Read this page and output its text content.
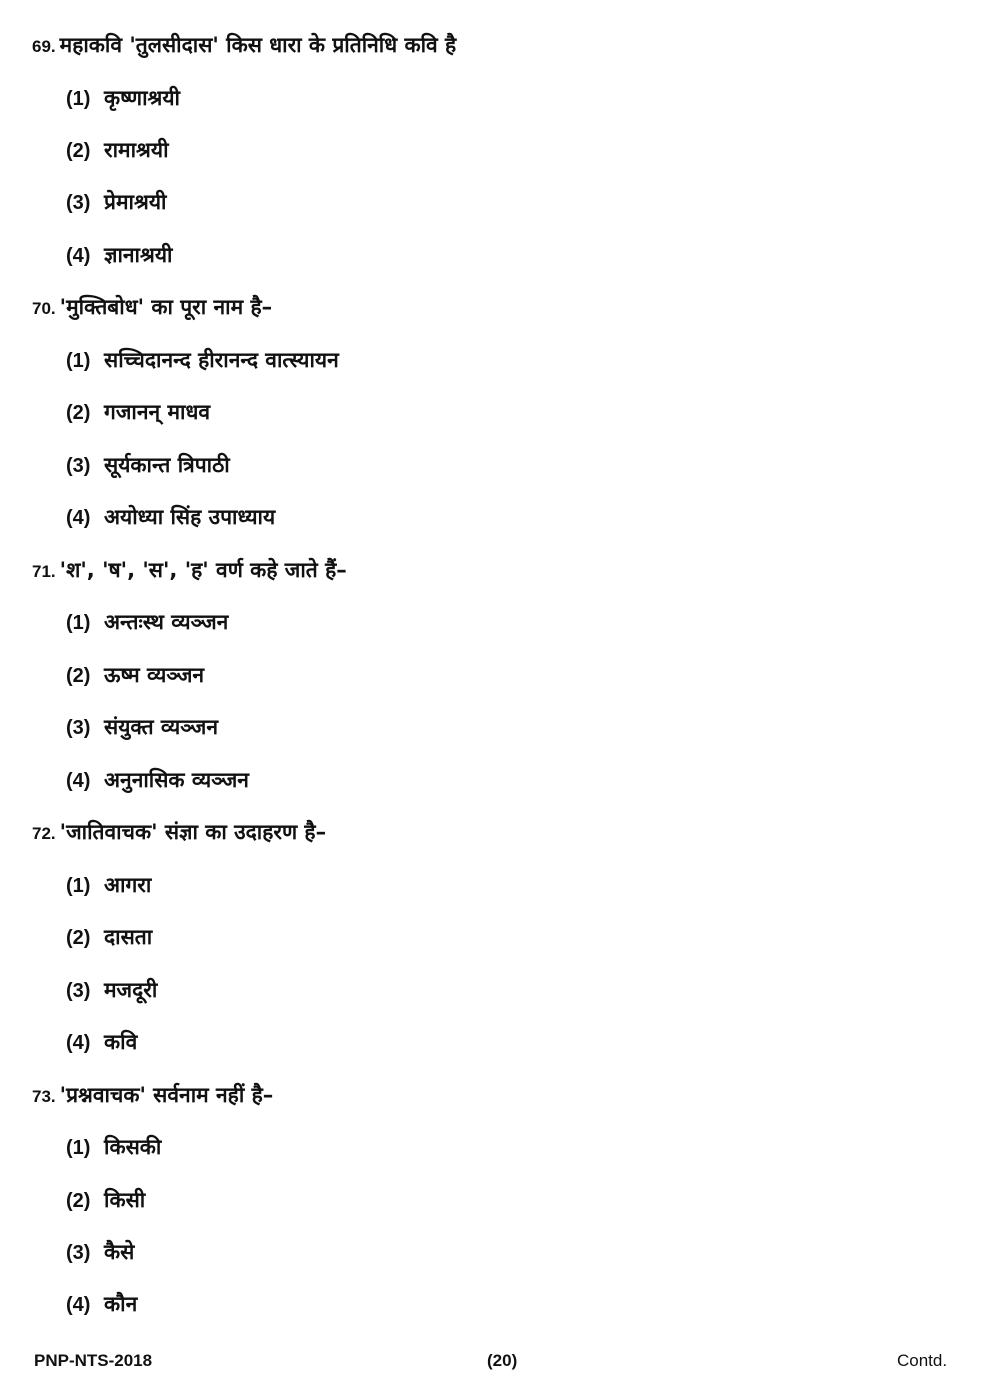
69. महाकवि 'तुलसीदास' किस धारा के प्रतिनिधि कवि है
(1) कृष्णाश्रयी
(2) रामाश्रयी
(3) प्रेमाश्रयी
(4) ज्ञानाश्रयी
70. 'मुक्तिबोध' का पूरा नाम है–
(1) सच्चिदानन्द हीरानन्द वात्स्यायन
(2) गजानन् माधव
(3) सूर्यकान्त त्रिपाठी
(4) अयोध्या सिंह उपाध्याय
71. 'श', 'ष', 'स', 'ह' वर्ण कहे जाते हैं–
(1) अन्तःस्थ व्यञ्जन
(2) ऊष्म व्यञ्जन
(3) संयुक्त व्यञ्जन
(4) अनुनासिक व्यञ्जन
72. 'जातिवाचक' संज्ञा का उदाहरण है–
(1) आगरा
(2) दासता
(3) मजदूरी
(4) कवि
73. 'प्रश्नवाचक' सर्वनाम नहीं है–
(1) किसकी
(2) किसी
(3) कैसे
(4) कौन
PNP-NTS-2018	(20)	Contd.
